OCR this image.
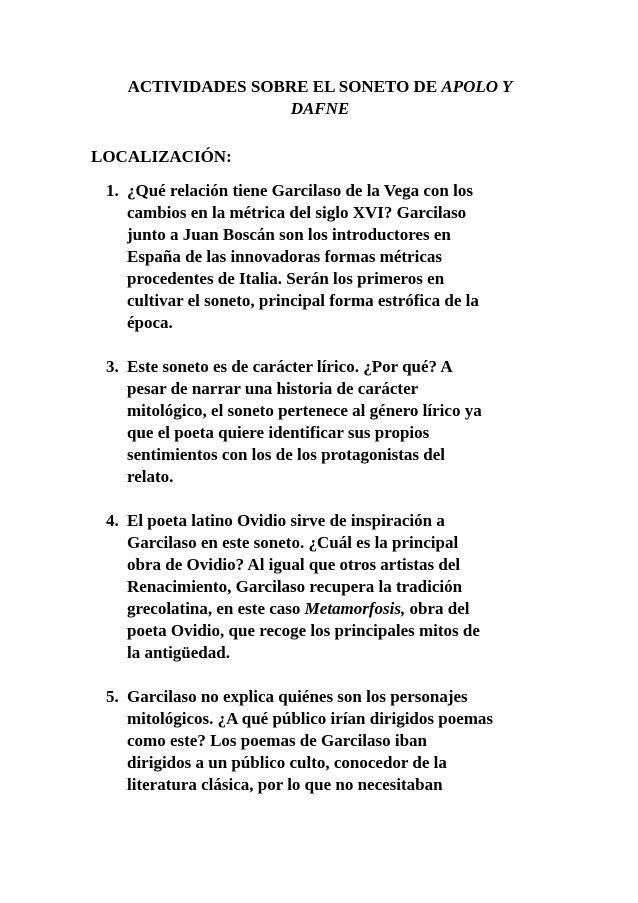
ACTIVIDADES SOBRE EL SONETO DE APOLO Y
DAFNE
LOCALIZACIÓN:
1. ¿Qué relación tiene Garcilaso de la Vega con los
cambios en la métrica del siglo XVI? Garcilaso
junto a Juan Boscán son los introductores en
España de las innovadoras formas métricas
procedentes de Italia. Serán los primeros en
cultivar el soneto, principal forma estrófica de la
época.
3. Este soneto es de carácter lírico. ¿Por qué? A
pesar de narrar una historia de carácter
mitológico, el soneto pertenece al género lírico ya
que el poeta quiere identificar sus propios
sentimientos con los de los protagonistas del
relato.
4. El poeta latino Ovidio sirve de inspiración a
Garcilaso en este soneto. ¿Cuál es la principal
obra de Ovidio? Al igual que otros artistas del
Renacimiento, Garcilaso recupera la tradición
grecolatina, en este caso Metamorfosis, obra del
poeta Ovidio, que recoge los principales mitos de
la antigüedad.
5. Garcilaso no explica quiénes son los personajes
mitológicos. ¿A qué público irían dirigidos poemas
como este? Los poemas de Garcilaso iban
dirigidos a un público culto, conocedor de la
literatura clásica, por lo que no necesitaban
